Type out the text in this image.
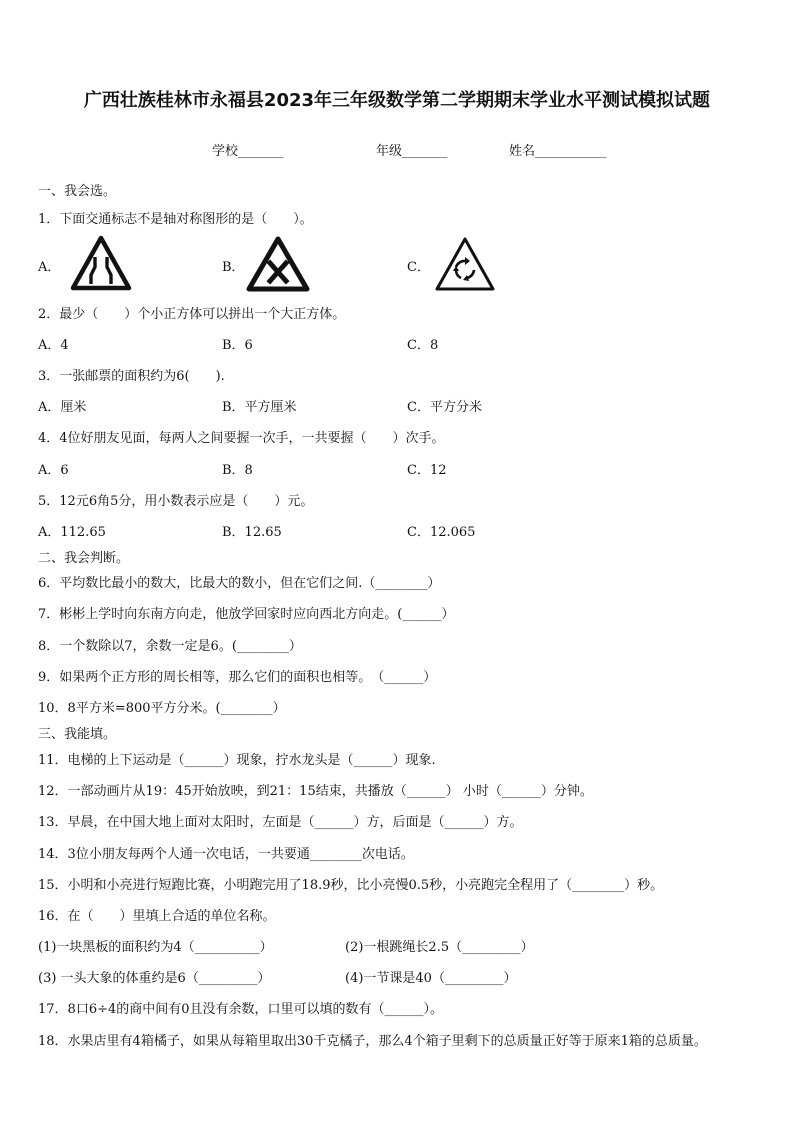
广西壮族桂林市永福县2023年三年级数学第二学期期末学业水平测试模拟试题
学校_______	年级_______	姓名___________
一、我会选。
1．下面交通标志不是轴对称图形的是（　　）。
A．	B．	C．
2．最少（　　）个小正方体可以拼出一个大正方体。
A．4	B．6	C．8
3．一张邮票的面积约为6(　　).
A．厘米	B．平方厘米	C．平方分米
4．4位好朋友见面，每两人之间要握一次手，一共要握（　　）次手。
A．6	B．8	C．12
5．12元6角5分，用小数表示应是（　　）元。
A．112.65	B．12.65	C．12.065
二、我会判断。
6．平均数比最小的数大，比最大的数小，但在它们之间.（________）
7．彬彬上学时向东南方向走，他放学回家时应向西北方向走。(______）
8．一个数除以7，余数一定是6。(________）
9．如果两个正方形的周长相等，那么它们的面积也相等。　（______）
10．8平方米=800平方分米。(________）
三、我能填。
11．电梯的上下运动是（______）现象，拧水龙头是（______）现象.
12．一部动画片从19：45开始放映，到21：15结束，共播放（______） 小时（______）分钟。
13．早晨，在中国大地上面对太阳时，左面是（______）方，后面是（______）方。
14．3位小朋友每两个人通一次电话，一共要通________次电话。
15．小明和小亮进行短跑比赛，小明跑完用了18.9秒，比小亮慢0.5秒，小亮跑完全程用了（________）秒。
16．在（　　）里填上合适的单位名称。
(1)一块黑板的面积约为4（__________）	(2)一根跳绳长2.5（_________）
(3) 一头大象的体重约是6（_________）	(4)一节课是40（_________）
17．8口6÷4的商中间有0且没有余数，口里可以填的数有（______）。
18．水果店里有4箱橘子，如果从每箱里取出30千克橘子，那么4个箱子里剩下的总质量正好等于原来1箱的总质量。
